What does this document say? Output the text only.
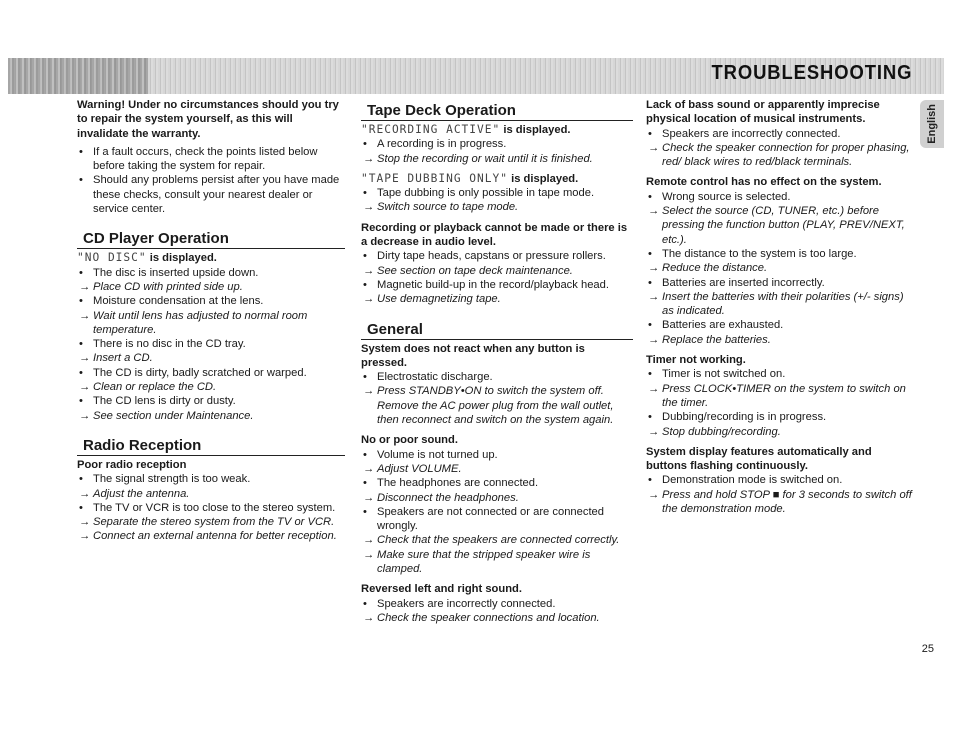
TROUBLESHOOTING
English
Warning! Under no circumstances should you try to repair the system yourself, as this will invalidate the warranty.
• If a fault occurs, check the points listed below before taking the system for repair.
• Should any problems persist after you have made these checks, consult your nearest dealer or service center.
CD Player Operation
"NO DISC" is displayed.
• The disc is inserted upside down.
→ Place CD with printed side up.
• Moisture condensation at the lens.
→ Wait until lens has adjusted to normal room temperature.
• There is no disc in the CD tray.
→ Insert a CD.
• The CD is dirty, badly scratched or warped.
→ Clean or replace the CD.
• The CD lens is dirty or dusty.
→ See section under Maintenance.
Radio Reception
Poor radio reception
• The signal strength is too weak.
→ Adjust the antenna.
• The TV or VCR is too close to the stereo system.
→ Separate the stereo system from the TV or VCR.
→ Connect an external antenna for better reception.
Tape Deck Operation
"RECORDING ACTIVE" is displayed.
• A recording is in progress.
→ Stop the recording or wait until it is finished.
"TAPE DUBBING ONLY" is displayed.
• Tape dubbing is only possible in tape mode.
→ Switch source to tape mode.
Recording or playback cannot be made or there is a decrease in audio level.
• Dirty tape heads, capstans or pressure rollers.
→ See section on tape deck maintenance.
• Magnetic build-up in the record/playback head.
→ Use demagnetizing tape.
General
System does not react when any button is pressed.
• Electrostatic discharge.
→ Press STANDBY•ON to switch the system off. Remove the AC power plug from the wall outlet, then reconnect and switch on the system again.
No or poor sound.
• Volume is not turned up.
→ Adjust VOLUME.
• The headphones are connected.
→ Disconnect the headphones.
• Speakers are not connected or are connected wrongly.
→ Check that the speakers are connected correctly.
→ Make sure that the stripped speaker wire is clamped.
Reversed left and right sound.
• Speakers are incorrectly connected.
→ Check the speaker connections and location.
Lack of bass sound or apparently imprecise physical location of musical instruments.
• Speakers are incorrectly connected.
→ Check the speaker connection for proper phasing, red/ black wires to red/black terminals.
Remote control has no effect on the system.
• Wrong source is selected.
→ Select the source (CD, TUNER, etc.) before pressing the function button (PLAY, PREV/NEXT, etc.).
• The distance to the system is too large.
→ Reduce the distance.
• Batteries are inserted incorrectly.
→ Insert the batteries with their polarities (+/- signs) as indicated.
• Batteries are exhausted.
→ Replace the batteries.
Timer not working.
• Timer is not switched on.
→ Press CLOCK•TIMER on the system to switch on the timer.
• Dubbing/recording is in progress.
→ Stop dubbing/recording.
System display features automatically and buttons flashing continuously.
• Demonstration mode is switched on.
→ Press and hold STOP ■ for 3 seconds to switch off the demonstration mode.
25
